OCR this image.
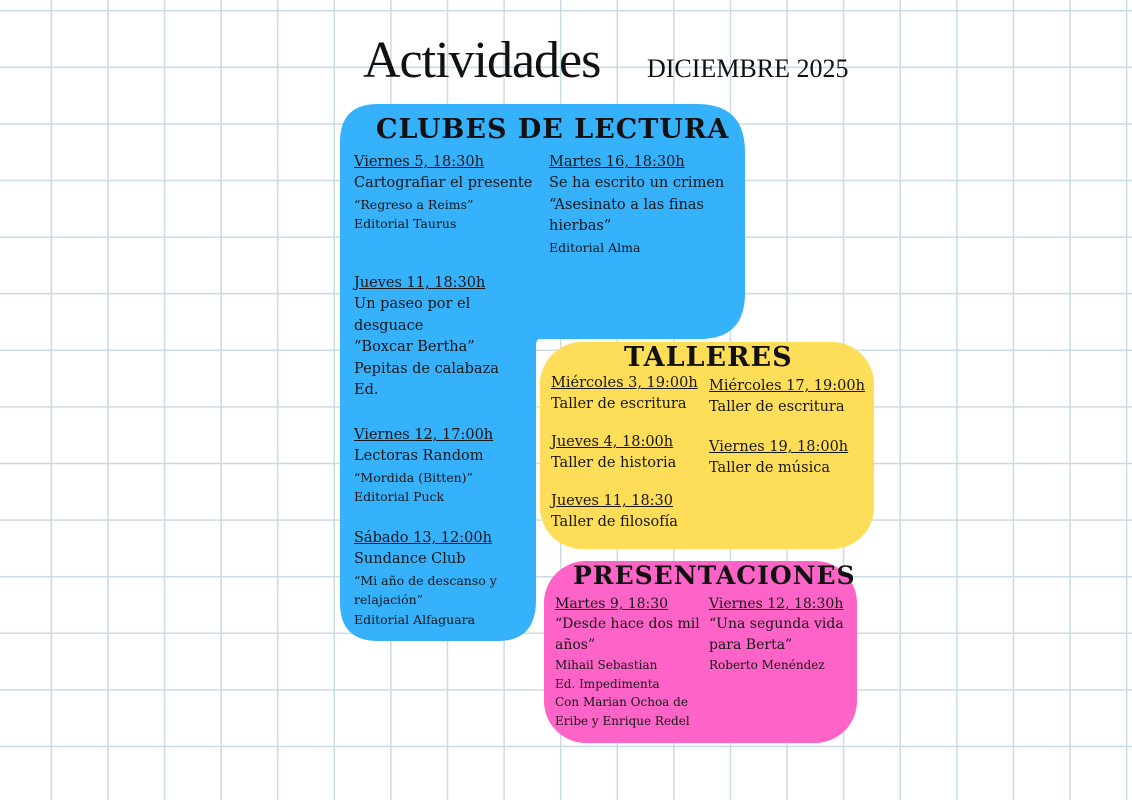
Actividades DICIEMBRE 2025
CLUBES DE LECTURA
Viernes 5, 18:30h
Cartografiar el presente
“Regreso a Reims”
Editorial Taurus
Jueves 11, 18:30h
Un paseo por el desguace
“Boxcar Bertha” Pepitas de calabaza Ed.
Viernes 12, 17:00h
Lectoras Random
“Mordida (Bitten)”
Editorial Puck
Sábado 13, 12:00h
Sundance Club
“Mi año de descanso y relajación”
Editorial Alfaguara
Martes 16, 18:30h
Se ha escrito un crimen
“Asesinato a las finas hierbas”
Editorial Alma
TALLERES
Miércoles 3, 19:00h
Taller de escritura
Jueves 4, 18:00h
Taller de historia
Jueves 11, 18:30
Taller de filosofía
Miércoles 17, 19:00h
Taller de escritura
Viernes 19, 18:00h
Taller de música
PRESENTACIONES
Martes 9, 18:30
“Desde hace dos mil años”
Mihail Sebastian
Ed. Impedimenta
Con Marian Ochoa de Eribe y Enrique Redel
Viernes 12, 18:30h
“Una segunda vida para Berta”
Roberto Menéndez
